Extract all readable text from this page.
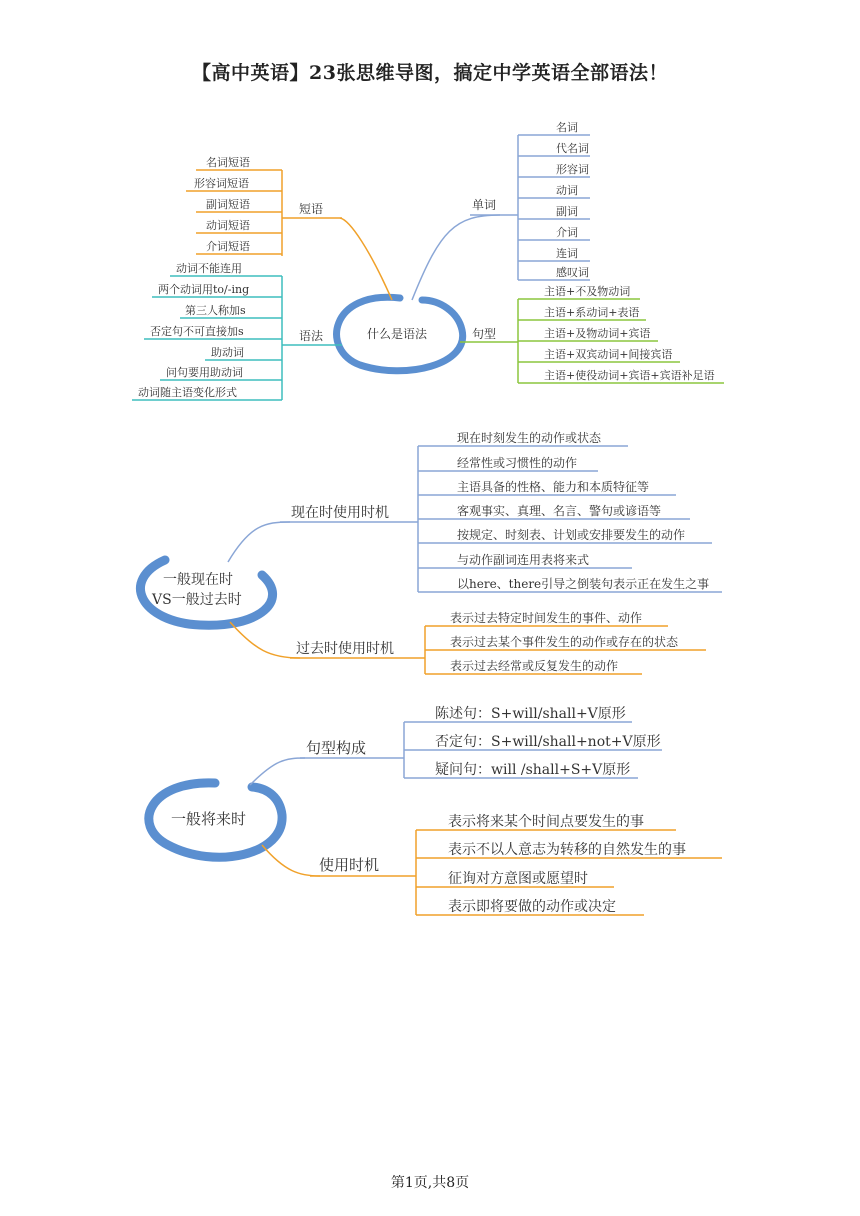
【高中英语】23张思维导图，搞定中学英语全部语法！
什么是语法
单词
名词
代名词
形容词
动词
副词
介词
连词
感叹词
短语
名词短语
形容词短语
副词短语
动词短语
介词短语
语法
动词不能连用
两个动词用to/-ing
第三人称加s
否定句不可直接加s
助动词
问句要用助动词
动词随主语变化形式
句型
主语+不及物动词
主语+系动词+表语
主语+及物动词+宾语
主语+双宾动词+间接宾语
主语+使役动词+宾语+宾语补足语
一般现在时
VS一般过去时
现在时使用时机
现在时刻发生的动作或状态
经常性或习惯性的动作
主语具备的性格、能力和本质特征等
客观事实、真理、名言、警句或谚语等
按规定、时刻表、计划或安排要发生的动作
与动作副词连用表将来式
以here、there引导之倒装句表示正在发生之事
过去时使用时机
表示过去特定时间发生的事件、动作
表示过去某个事件发生的动作或存在的状态
表示过去经常或反复发生的动作
一般将来时
句型构成
陈述句：S+will/shall+V原形
否定句：S+will/shall+not+V原形
疑问句：will /shall+S+V原形
使用时机
表示将来某个时间点要发生的事
表示不以人意志为转移的自然发生的事
征询对方意图或愿望时
表示即将要做的动作或决定
第1页,共8页
